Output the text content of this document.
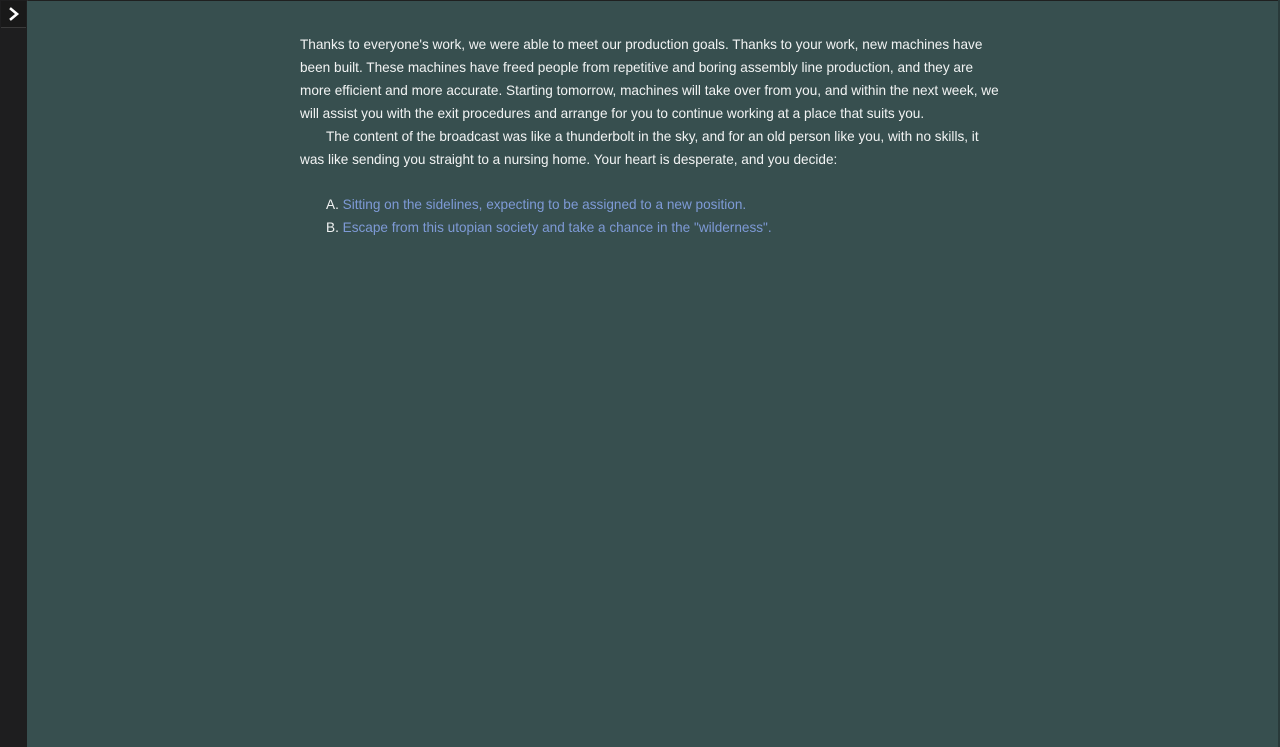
Thanks to everyone's work, we were able to meet our production goals. Thanks to your work, new machines have been built. These machines have freed people from repetitive and boring assembly line production, and they are more efficient and more accurate. Starting tomorrow, machines will take over from you, and within the next week, we will assist you with the exit procedures and arrange for you to continue working at a place that suits you.

The content of the broadcast was like a thunderbolt in the sky, and for an old person like you, with no skills, it was like sending you straight to a nursing home. Your heart is desperate, and you decide:

A. Sitting on the sidelines, expecting to be assigned to a new position.
B. Escape from this utopian society and take a chance in the "wilderness".
